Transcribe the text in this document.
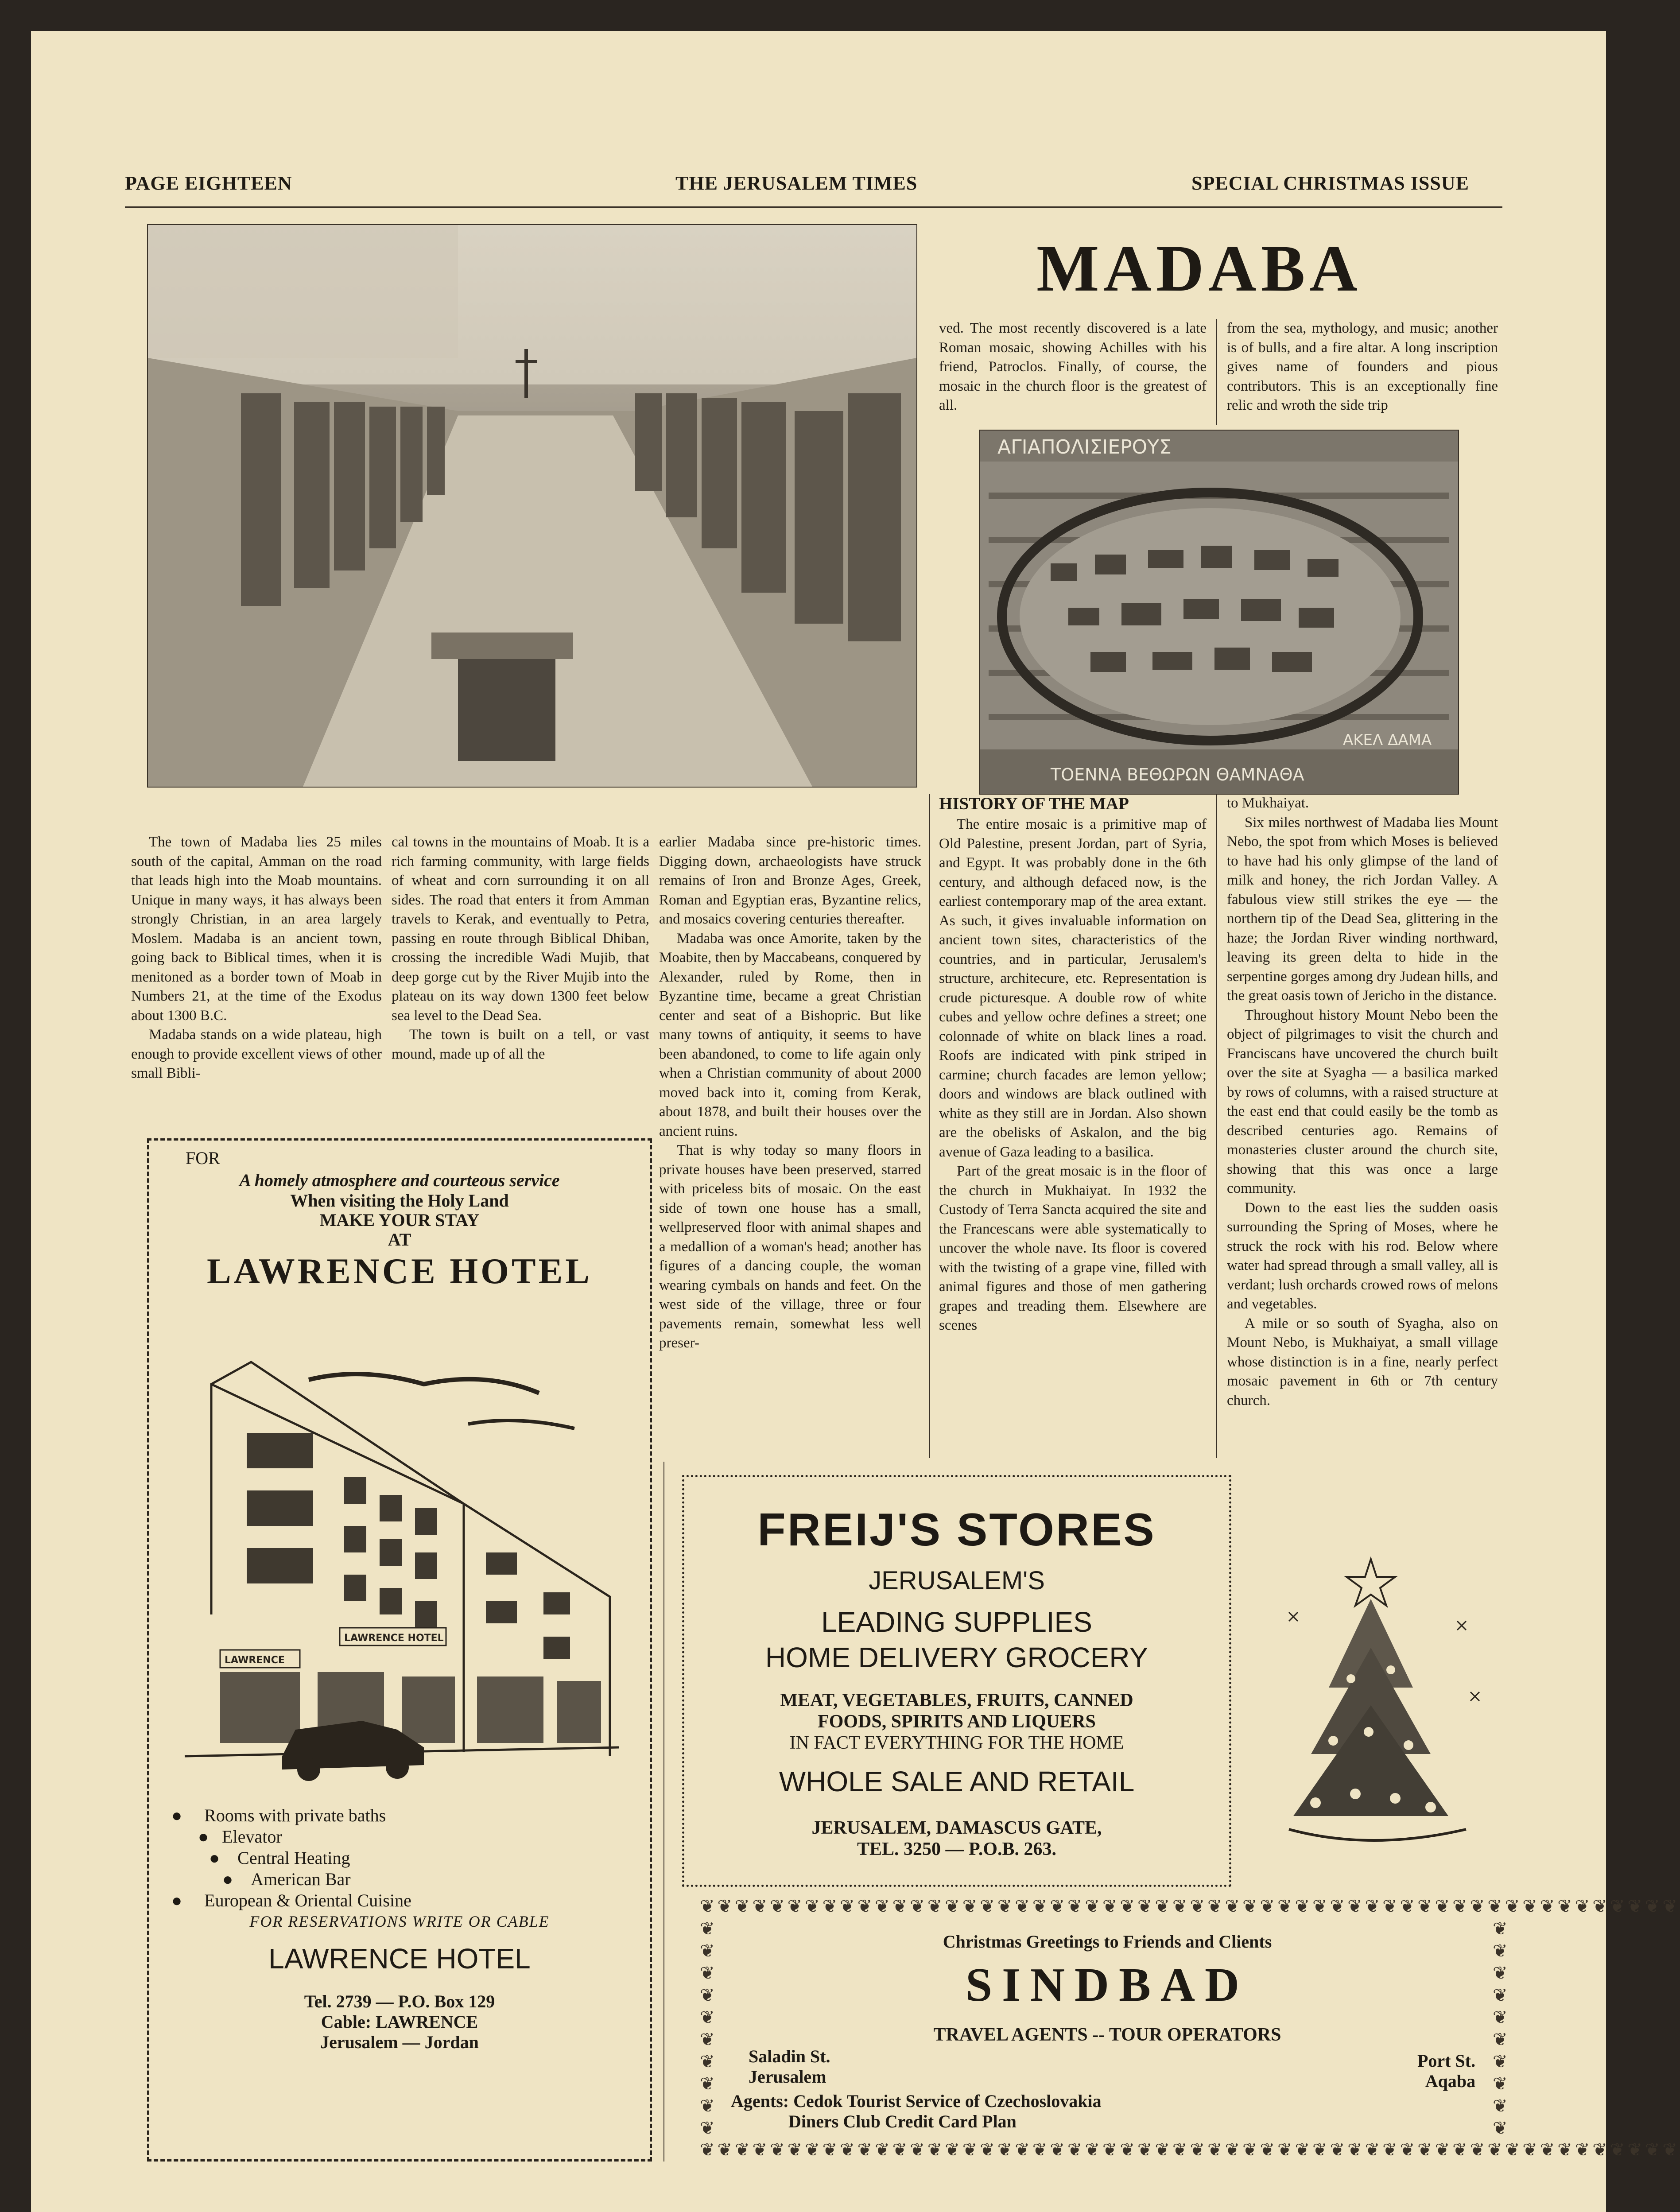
PAGE EIGHTEEN	THE JERUSALEM TIMES	SPECIAL CHRISTMAS ISSUE
MADABA

ved. The most recently discovered is a late Roman mosaic, showing Achilles with his friend, Patroclos. Finally, of course, the mosaic in the church floor is the greatest of all.

from the sea, mythology, and music; another is of bulls, and a fire altar. A long inscription gives name of founders and pious contributors. This is an exceptionally fine relic and wroth the side trip

ΑΓΙΑΠΟΛΙΣΙΕΡΟΥΣ
ΤΟΕΝΝΑ ΒΕΘΩΡΩΝ ΘΑΜΝΑΘΑ
ΑΚΕΛ ΔΑΜΑ
HISTORY OF THE MAP

The town of Madaba lies 25 miles south of the capital, Amman on the road that leads high into the Moab mountains. Unique in many ways, it has always been strongly Christian, in an area largely Moslem. Madaba is an ancient town, going back to Biblical times, when it is menitoned as a border town of Moab in Numbers 21, at the time of the Exodus about 1300 B.C.

Madaba stands on a wide plateau, high enough to provide excellent views of other small Bibli-

cal towns in the mountains of Moab. It is a rich farming community, with large fields of wheat and corn surrounding it on all sides. The road that enters it from Amman travels to Kerak, and eventually to Petra, passing en route through Biblical Dhiban, crossing the incredible Wadi Mujib, that deep gorge cut by the River Mujib into the plateau on its way down 1300 feet below sea level to the Dead Sea.

The town is built on a tell, or vast mound, made up of all the

earlier Madaba since pre-historic times. Digging down, archaeologists have struck remains of Iron and Bronze Ages, Greek, Roman and Egyptian eras, Byzantine relics, and mosaics covering centuries thereafter.

Madaba was once Amorite, taken by the Moabite, then by Maccabeans, conquered by Alexander, ruled by Rome, then in Byzantine time, became a great Christian center and seat of a Bishopric. But like many towns of antiquity, it seems to have been abandoned, to come to life again only when a Christian community of about 2000 moved back into it, coming from Kerak, about 1878, and built their houses over the ancient ruins.

That is why today so many floors in private houses have been preserved, starred with priceless bits of mosaic. On the east side of town one house has a small, wellpreserved floor with animal shapes and a medallion of a woman's head; another has figures of a dancing couple, the woman wearing cymbals on hands and feet. On the west side of the village, three or four pavements remain, somewhat less well preser-

The entire mosaic is a primitive map of Old Palestine, present Jordan, part of Syria, and Egypt. It was probably done in the 6th century, and although defaced now, is the earliest contemporary map of the area extant. As such, it gives invaluable information on ancient town sites, characteristics of the countries, and in particular, Jerusalem's structure, architecure, etc. Representation is crude picturesque. A double row of white cubes and yellow ochre defines a street; one colonnade of white on black lines a road. Roofs are indicated with pink striped in carmine; church facades are lemon yellow; doors and windows are black outlined with white as they still are in Jordan. Also shown are the obelisks of Askalon, and the big avenue of Gaza leading to a basilica.

Part of the great mosaic is in the floor of the church in Mukhaiyat. In 1932 the Custody of Terra Sancta acquired the site and the Francescans were able systematically to uncover the whole nave. Its floor is covered with the twisting of a grape vine, filled with animal figures and those of men gathering grapes and treading them. Elsewhere are scenes

to Mukhaiyat.

Six miles northwest of Madaba lies Mount Nebo, the spot from which Moses is believed to have had his only glimpse of the land of milk and honey, the rich Jordan Valley. A fabulous view still strikes the eye — the northern tip of the Dead Sea, glittering in the haze; the Jordan River winding northward, leaving its green delta to hide in the serpentine gorges among dry Judean hills, and the great oasis town of Jericho in the distance.

Throughout history Mount Nebo been the object of pilgrimages to visit the church and Franciscans have uncovered the church built over the site at Syagha — a basilica marked by rows of columns, with a raised structure at the east end that could easily be the tomb as described centuries ago. Remains of monasteries cluster around the church site, showing that this was once a large community.

Down to the east lies the sudden oasis surrounding the Spring of Moses, where he struck the rock with his rod. Below where water had spread through a small valley, all is verdant; lush orchards crowed rows of melons and vegetables.

A mile or so south of Syagha, also on Mount Nebo, is Mukhaiyat, a small village whose distinction is in a fine, nearly perfect mosaic pavement in 6th or 7th century church.

FOR
A homely atmosphere and courteous service
When visiting the Holy Land
MAKE YOUR STAY
AT
LAWRENCE HOTEL
LAWRENCE
LAWRENCE HOTEL
● Rooms with private baths
● Elevator
● Central Heating
● American Bar
● European & Oriental Cuisine
FOR RESERVATIONS WRITE OR CABLE
LAWRENCE HOTEL
Tel. 2739 — P.O. Box 129
Cable: LAWRENCE
Jerusalem — Jordan
FREIJ'S STORES
JERUSALEM'S
LEADING SUPPLIES
HOME DELIVERY GROCERY
MEAT, VEGETABLES, FRUITS, CANNED
FOODS, SPIRITS AND LIQUERS
IN FACT EVERYTHING FOR THE HOME
WHOLE SALE AND RETAIL
JERUSALEM, DAMASCUS GATE,
TEL. 3250 — P.O.B. 263.
❦❦❦❦❦❦❦❦❦❦❦❦❦❦❦❦❦❦❦❦❦❦❦❦❦❦❦❦❦❦❦❦❦❦❦❦❦❦❦❦❦❦❦❦❦❦❦❦❦❦❦❦❦❦❦❦
❦❦❦❦❦❦❦❦❦❦❦❦❦❦❦❦❦❦❦❦❦❦❦❦❦❦❦❦❦❦❦❦❦❦❦❦❦❦❦❦❦❦❦❦❦❦❦❦❦❦❦❦❦❦❦❦
❦ ❦ ❦ ❦ ❦ ❦ ❦ ❦ ❦ ❦
❦ ❦ ❦ ❦ ❦ ❦ ❦ ❦ ❦ ❦
Christmas Greetings to Friends and Clients
SINDBAD
TRAVEL AGENTS -- TOUR OPERATORS
Saladin St.
Jerusalem
Port St.
Aqaba
Agents: Cedok Tourist Service of Czechoslovakia
Diners Club Credit Card Plan
